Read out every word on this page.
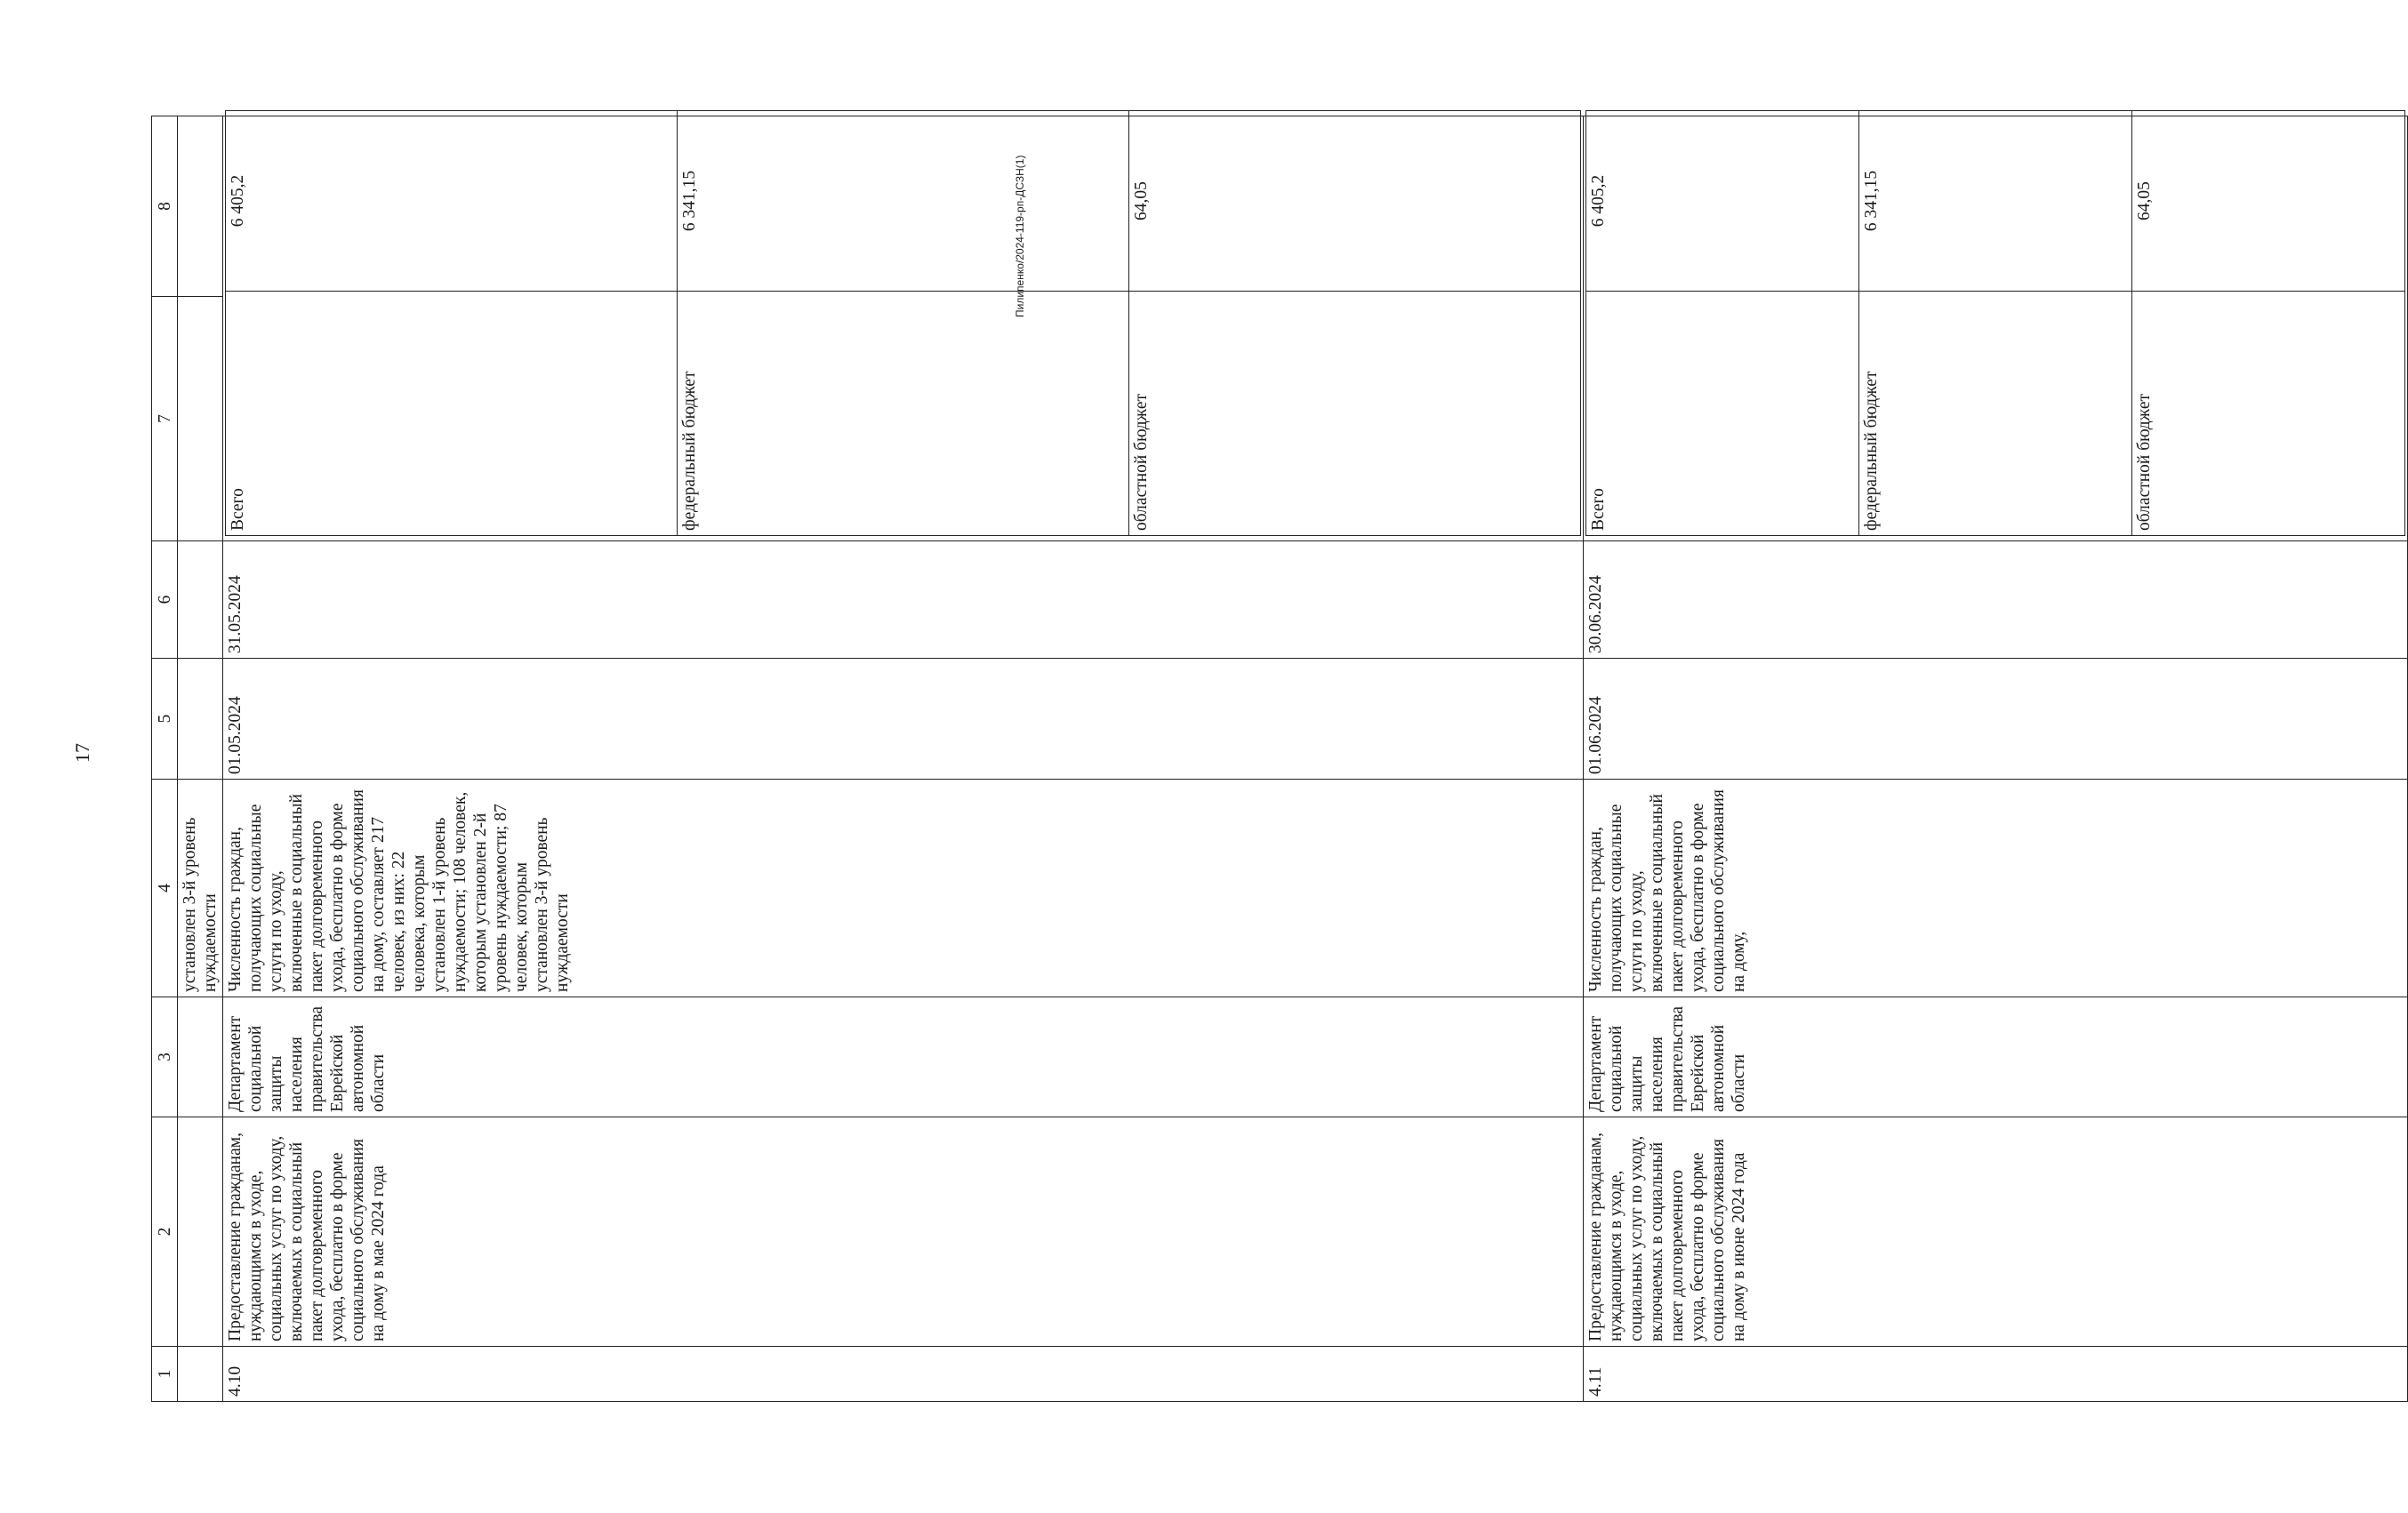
17
1	2	3	4	5	6	7	8
			установлен 3-й уровень нуждаемости				
4.10	Предоставление гражданам, нуждающимся в уходе, социальных услуг по уходу, включаемых в социальный пакет долговременного ухода, бесплатно в форме социального обслуживания на дому в мае 2024 года	Департамент социальной защиты населения правительства Еврейской автономной области	Численность граждан, получающих социальные услуги по уходу, включенные в социальный пакет долговременного ухода, бесплатно в форме социального обслуживания на дому, составляет 217 человек, из них: 22 человека, которым установлен 1-й уровень нуждаемости; 108 человек, которым установлен 2-й уровень нуждаемости; 87 человек, которым установлен 3-й уровень нуждаемости	01.05.2024	31.05.2024	
Всего	6 405,2
федеральный бюджет	6 341,15
областной бюджет	64,05

4.11	Предоставление гражданам, нуждающимся в уходе, социальных услуг по уходу, включаемых в социальный пакет долговременного ухода, бесплатно в форме социального обслуживания на дому в июне 2024 года	Департамент социальной защиты населения правительства Еврейской автономной области	Численность граждан, получающих социальные услуги по уходу, включенные в социальный пакет долговременного ухода, бесплатно в форме социального обслуживания на дому,	01.06.2024	30.06.2024	
Всего	6 405,2
федеральный бюджет	6 341,15
областной бюджет	64,05
Пилипенко/2024-119-рп-ДСЗН(1)
